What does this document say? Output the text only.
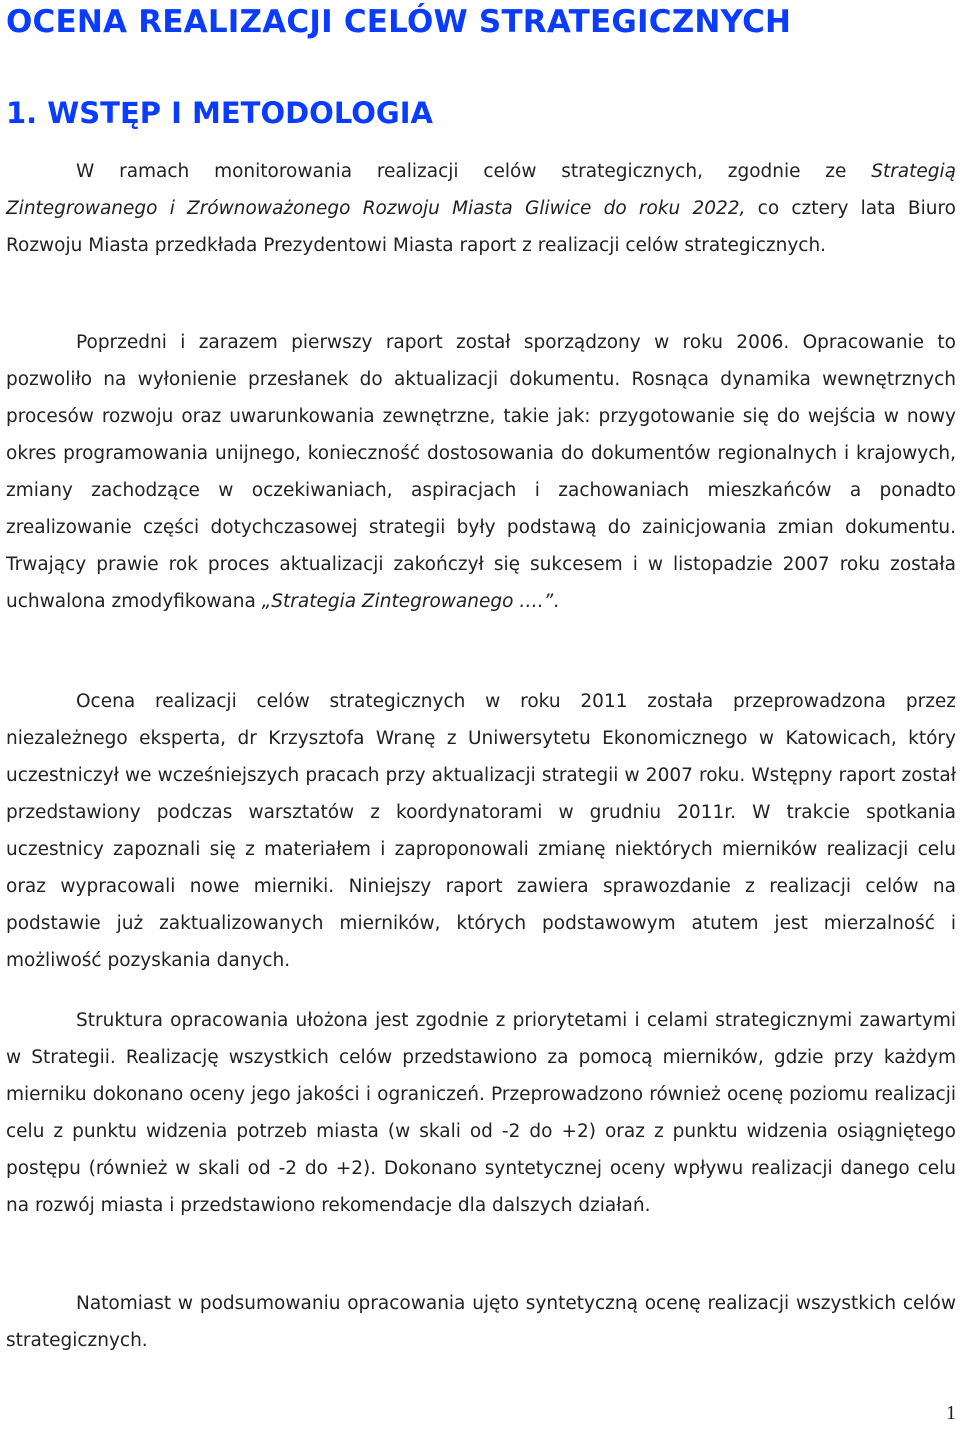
OCENA REALIZACJI CELÓW STRATEGICZNYCH
1. WSTĘP I METODOLOGIA

W ramach monitorowania realizacji celów strategicznych, zgodnie ze Strategią Zintegrowanego i Zrównoważonego Rozwoju Miasta Gliwice do roku 2022, co cztery lata Biuro Rozwoju Miasta przedkłada Prezydentowi Miasta raport z realizacji celów strategicznych.

Poprzedni i zarazem pierwszy raport został sporządzony w roku 2006. Opracowanie to pozwoliło na wyłonienie przesłanek do aktualizacji dokumentu. Rosnąca dynamika wewnętrznych procesów rozwoju oraz uwarunkowania zewnętrzne, takie jak: przygotowanie się do wejścia w nowy okres programowania unijnego, konieczność dostosowania do dokumentów regionalnych i krajowych, zmiany zachodzące w oczekiwaniach, aspiracjach i zachowaniach mieszkańców a ponadto zrealizowanie części dotychczasowej strategii były podstawą do zainicjowania zmian dokumentu. Trwający prawie rok proces aktualizacji zakończył się sukcesem i w listopadzie 2007 roku została uchwalona zmodyfikowana „Strategia Zintegrowanego ….”.

Ocena realizacji celów strategicznych w roku 2011 została przeprowadzona przez niezależnego eksperta, dr Krzysztofa Wranę z Uniwersytetu Ekonomicznego w Katowicach, który uczestniczył we wcześniejszych pracach przy aktualizacji strategii w 2007 roku. Wstępny raport został przedstawiony podczas warsztatów z koordynatorami w grudniu 2011r. W trakcie spotkania uczestnicy zapoznali się z materiałem i zaproponowali zmianę niektórych mierników realizacji celu oraz wypracowali nowe mierniki. Niniejszy raport zawiera sprawozdanie z realizacji celów na podstawie już zaktualizowanych mierników, których podstawowym atutem jest mierzalność i możliwość pozyskania danych.

Struktura opracowania ułożona jest zgodnie z priorytetami i celami strategicznymi zawartymi w Strategii. Realizację wszystkich celów przedstawiono za pomocą mierników, gdzie przy każdym mierniku dokonano oceny jego jakości i ograniczeń. Przeprowadzono również ocenę poziomu realizacji celu z punktu widzenia potrzeb miasta (w skali od -2 do +2) oraz z punktu widzenia osiągniętego postępu (również w skali od -2 do +2). Dokonano syntetycznej oceny wpływu realizacji danego celu na rozwój miasta i przedstawiono rekomendacje dla dalszych działań.

Natomiast w podsumowaniu opracowania ujęto syntetyczną ocenę realizacji wszystkich celów strategicznych.

1
